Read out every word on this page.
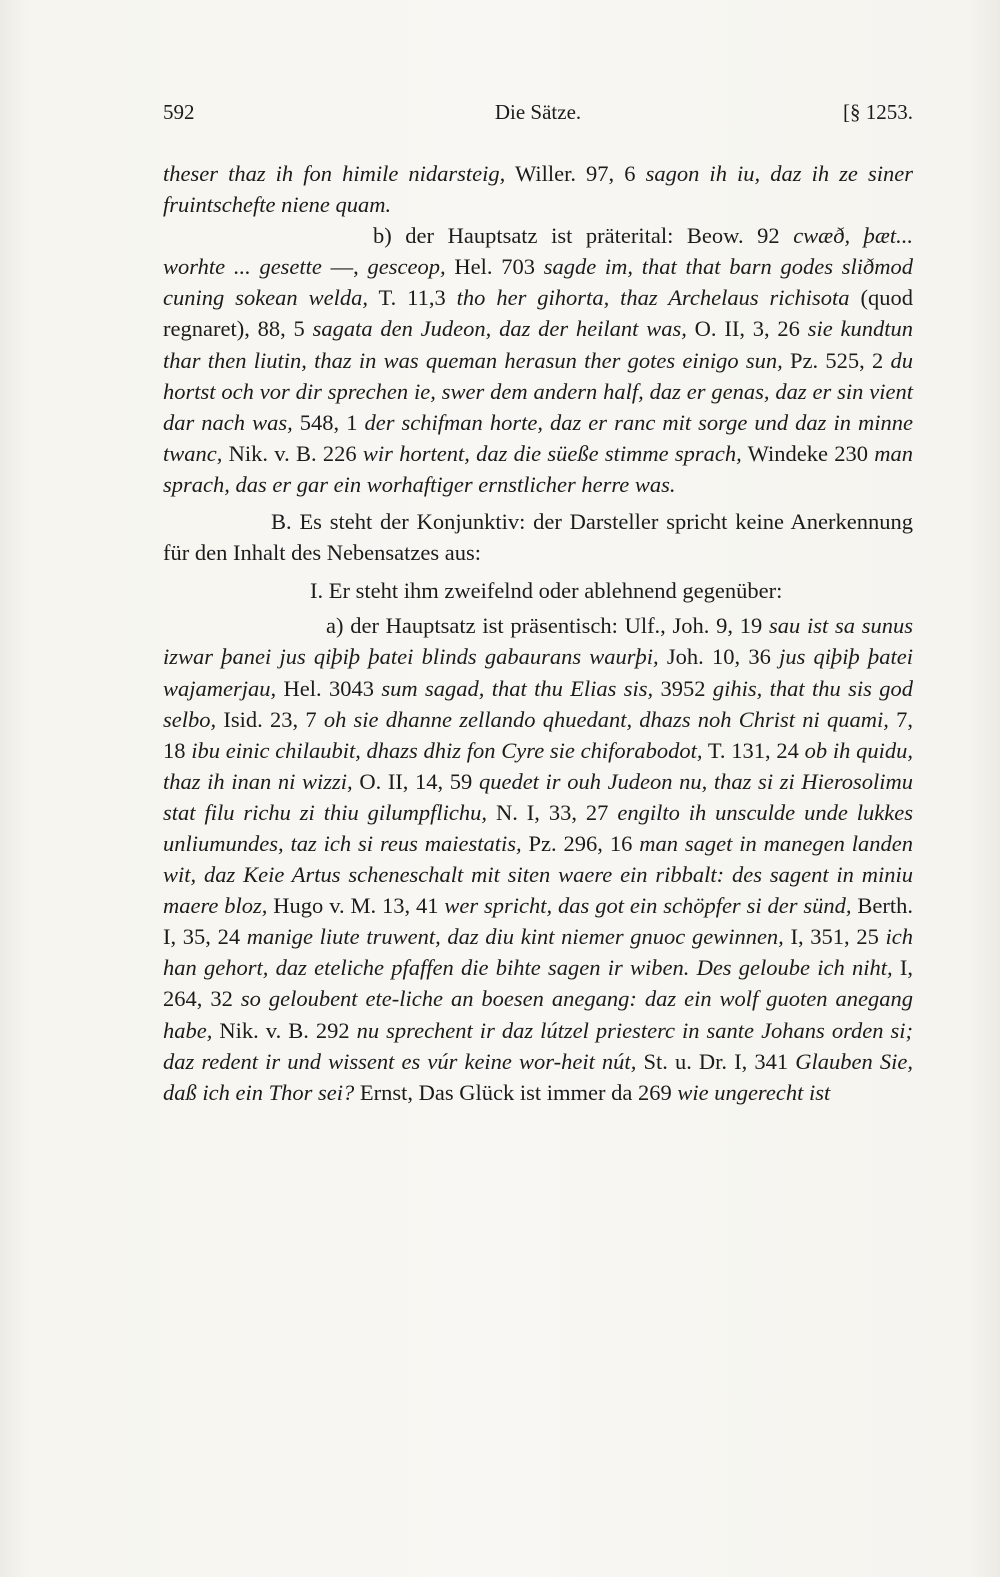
592	Die Sätze.	[§ 1253.

theser thaz ih fon himile nidarsteig, Willer. 97, 6 sagon ih iu, daz ih ze siner fruintschefte niene quam.

b) der Hauptsatz ist präterital: Beow. 92 cwæð, þæt... worhte ... gesette —, gesceop, Hel. 703 sagde im, that that barn godes sliðmod cuning sokean welda, T. 11,3 tho her gihorta, thaz Archelaus richisota (quod regnaret), 88, 5 sagata den Judeon, daz der heilant was, O. II, 3, 26 sie kundtun thar then liutin, thaz in was queman herasun ther gotes einigo sun, Pz. 525, 2 du hortst och vor dir sprechen ie, swer dem andern half, daz er genas, daz er sin vient dar nach was, 548, 1 der schifman horte, daz er ranc mit sorge und daz in minne twanc, Nik. v. B. 226 wir hortent, daz die süeße stimme sprach, Windeke 230 man sprach, das er gar ein worhaftiger ernstlicher herre was.

B. Es steht der Konjunktiv: der Darsteller spricht keine Anerkennung für den Inhalt des Nebensatzes aus:

I. Er steht ihm zweifelnd oder ablehnend gegenüber:

a) der Hauptsatz ist präsentisch: Ulf., Joh. 9, 19 sau ist sa sunus izwar þanei jus qiþiþ þatei blinds gabaurans waurþi, Joh. 10, 36 jus qiþiþ þatei wajamerjau, Hel. 3043 sum sagad, that thu Elias sis, 3952 gihis, that thu sis god selbo, Isid. 23, 7 oh sie dhanne zellando qhuedant, dhazs noh Christ ni quami, 7, 18 ibu einic chilaubit, dhazs dhiz fon Cyre sie chiforabodot, T. 131, 24 ob ih quidu, thaz ih inan ni wizzi, O. II, 14, 59 quedet ir ouh Judeon nu, thaz si zi Hierosolimu stat filu richu zi thiu gilumpflichu, N. I, 33, 27 engilto ih unsculde unde lukkes unliumundes, taz ich si reus maiestatis, Pz. 296, 16 man saget in manegen landen wit, daz Keie Artus scheneschalt mit siten waere ein ribbalt: des sagent in miniu maere bloz, Hugo v. M. 13, 41 wer spricht, das got ein schöpfer si der sünd, Berth. I, 35, 24 manige liute truwent, daz diu kint niemer gnuoc gewinnen, I, 351, 25 ich han gehort, daz eteliche pfaffen die bihte sagen ir wiben. Des geloube ich niht, I, 264, 32 so geloubent ete-liche an boesen anegang: daz ein wolf guoten anegang habe, Nik. v. B. 292 nu sprechent ir daz lútzel priesterc in sante Johans orden si; daz redent ir und wissent es vúr keine wor-heit nút, St. u. Dr. I, 341 Glauben Sie, daß ich ein Thor sei? Ernst, Das Glück ist immer da 269 wie ungerecht ist
